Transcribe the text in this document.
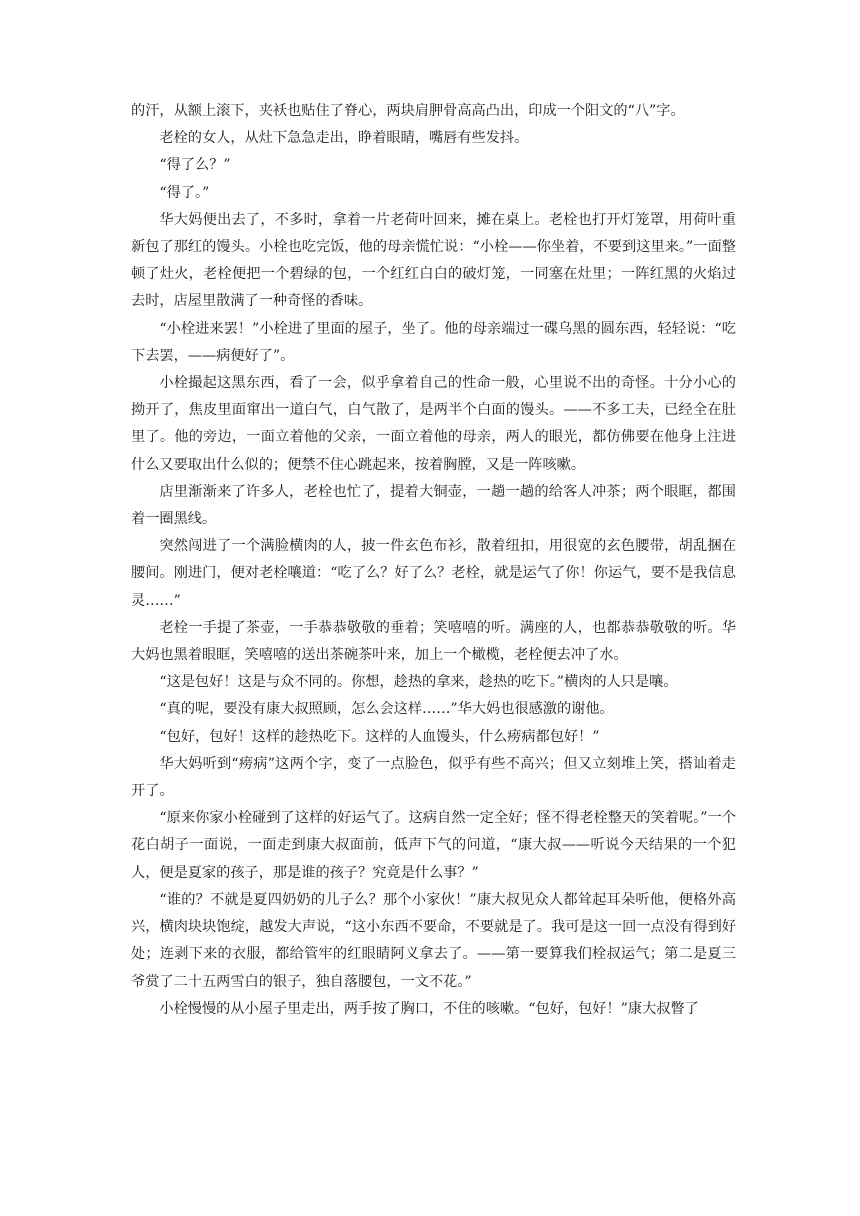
的汗，从额上滚下，夹袄也贴住了脊心，两块肩胛骨高高凸出，印成一个阳文的“八”字。

老栓的女人，从灶下急急走出，睁着眼睛，嘴唇有些发抖。

“得了么？”

“得了。”

华大妈便出去了，不多时，拿着一片老荷叶回来，摊在桌上。老栓也打开灯笼罩，用荷叶重新包了那红的馒头。小栓也吃完饭，他的母亲慌忙说：“小栓——你坐着，不要到这里来。”一面整顿了灶火，老栓便把一个碧绿的包，一个红红白白的破灯笼，一同塞在灶里；一阵红黑的火焰过去时，店屋里散满了一种奇怪的香味。

“小栓进来罢！”小栓进了里面的屋子，坐了。他的母亲端过一碟乌黑的圆东西，轻轻说：“吃下去罢，——病便好了”。

小栓撮起这黑东西，看了一会，似乎拿着自己的性命一般，心里说不出的奇怪。十分小心的拗开了，焦皮里面窜出一道白气，白气散了，是两半个白面的馒头。——不多工夫，已经全在肚里了。他的旁边，一面立着他的父亲，一面立着他的母亲，两人的眼光，都仿佛要在他身上注进什么又要取出什么似的；便禁不住心跳起来，按着胸膛，又是一阵咳嗽。

店里渐渐来了许多人，老栓也忙了，提着大铜壶，一趟一趟的给客人冲茶；两个眼眶，都围着一圈黑线。

突然闯进了一个满脸横肉的人，披一件玄色布衫，散着纽扣，用很宽的玄色腰带，胡乱捆在腰间。刚进门，便对老栓嚷道：“吃了么？好了么？老栓，就是运气了你！你运气，要不是我信息灵……”

老栓一手提了茶壶，一手恭恭敬敬的垂着；笑嘻嘻的听。满座的人，也都恭恭敬敬的听。华大妈也黑着眼眶，笑嘻嘻的送出茶碗茶叶来，加上一个橄榄，老栓便去冲了水。

“这是包好！这是与众不同的。你想，趁热的拿来，趁热的吃下。”横肉的人只是嚷。

“真的呢，要没有康大叔照顾，怎么会这样……”华大妈也很感激的谢他。

“包好，包好！这样的趁热吃下。这样的人血馒头，什么痨病都包好！”

华大妈听到“痨病”这两个字，变了一点脸色，似乎有些不高兴；但又立刻堆上笑，搭讪着走开了。

“原来你家小栓碰到了这样的好运气了。这病自然一定全好；怪不得老栓整天的笑着呢。”一个花白胡子一面说，一面走到康大叔面前，低声下气的问道，“康大叔——听说今天结果的一个犯人，便是夏家的孩子，那是谁的孩子？究竟是什么事？”

“谁的？不就是夏四奶奶的儿子么？那个小家伙！”康大叔见众人都耸起耳朵听他，便格外高兴，横肉块块饱绽，越发大声说，“这小东西不要命，不要就是了。我可是这一回一点没有得到好处；连剥下来的衣服，都给管牢的红眼睛阿义拿去了。——第一要算我们栓叔运气；第二是夏三爷赏了二十五两雪白的银子，独自落腰包，一文不花。”

小栓慢慢的从小屋子里走出，两手按了胸口，不住的咳嗽。“包好，包好！”康大叔瞥了
